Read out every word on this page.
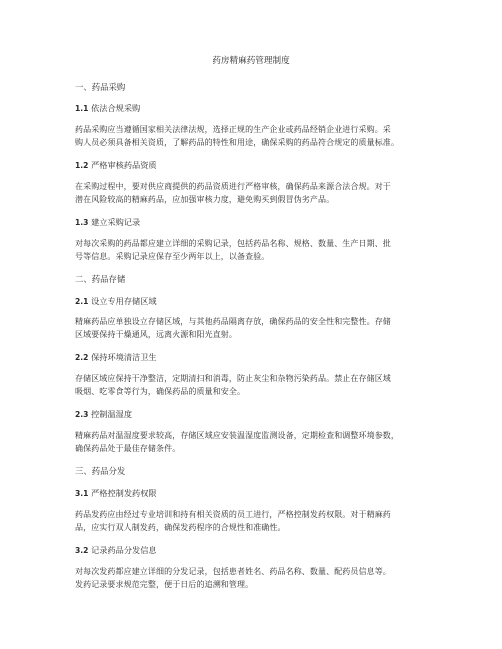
药房精麻药管理制度
一、药品采购
1.1 依法合规采购
药品采购应当遵循国家相关法律法规，选择正规的生产企业或药品经销企业进行采购。采
购人员必须具备相关资质，了解药品的特性和用途，确保采购的药品符合规定的质量标准。
1.2 严格审核药品资质
在采购过程中，要对供应商提供的药品资质进行严格审核，确保药品来源合法合规。对于
潜在风险较高的精麻药品，应加强审核力度，避免购买到假冒伪劣产品。
1.3 建立采购记录
对每次采购的药品都应建立详细的采购记录，包括药品名称、规格、数量、生产日期、批
号等信息。采购记录应保存至少两年以上，以备查验。
二、药品存储
2.1 设立专用存储区域
精麻药品应单独设立存储区域，与其他药品隔离存放，确保药品的安全性和完整性。存储
区域要保持干燥通风，远离火源和阳光直射。
2.2 保持环境清洁卫生
存储区域应保持干净整洁，定期清扫和消毒，防止灰尘和杂物污染药品。禁止在存储区域
吸烟、吃零食等行为，确保药品的质量和安全。
2.3 控制温湿度
精麻药品对温湿度要求较高，存储区域应安装温湿度监测设备，定期检查和调整环境参数，
确保药品处于最佳存储条件。
三、药品分发
3.1 严格控制发药权限
药品发药应由经过专业培训和持有相关资质的员工进行，严格控制发药权限。对于精麻药
品，应实行双人制发药，确保发药程序的合规性和准确性。
3.2 记录药品分发信息
对每次发药都应建立详细的分发记录，包括患者姓名、药品名称、数量、配药员信息等。
发药记录要求规范完整，便于日后的追溯和管理。
